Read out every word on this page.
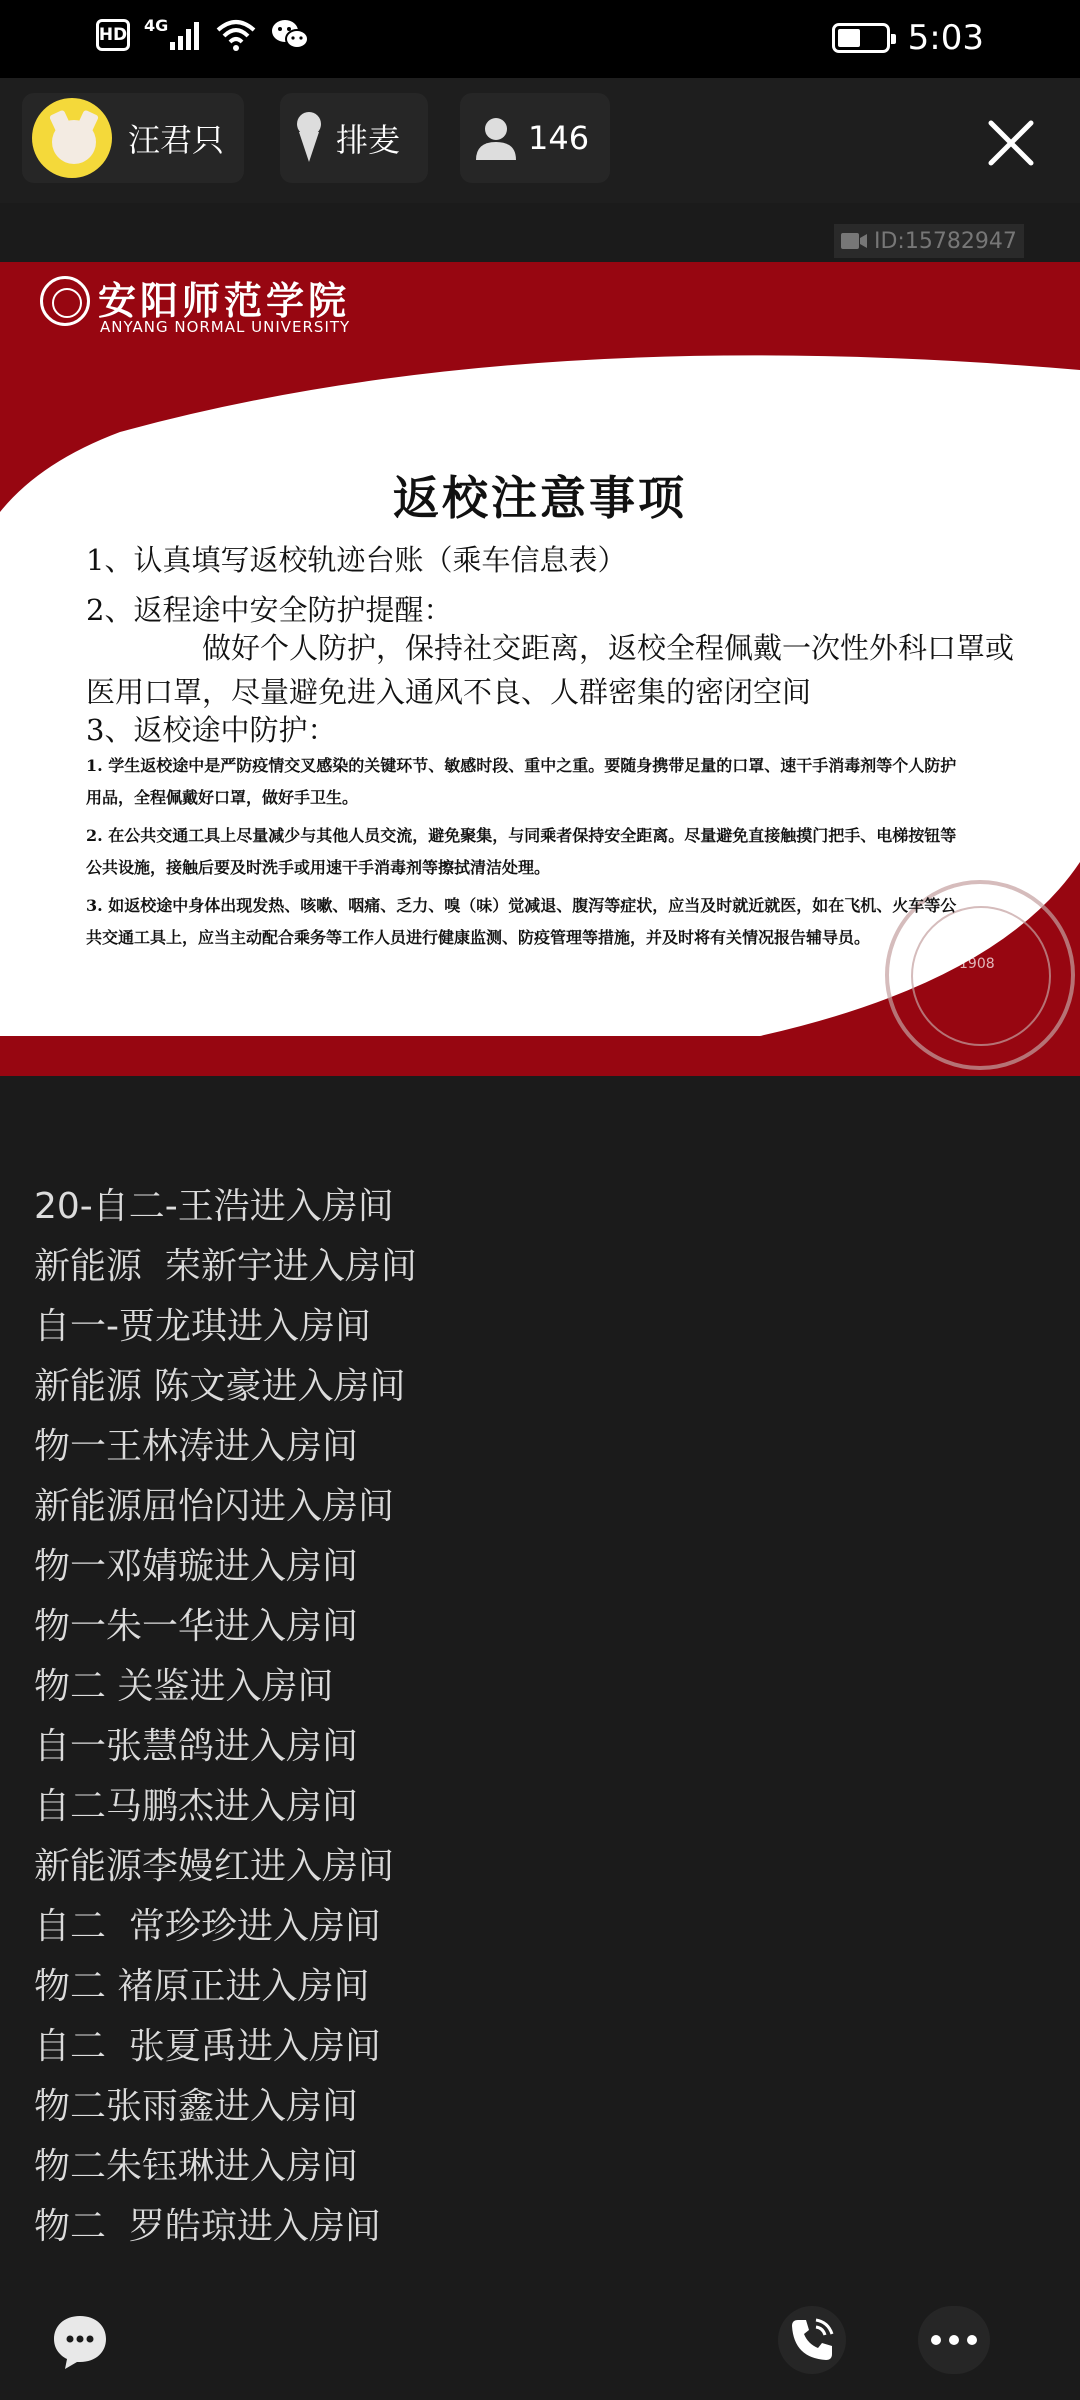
HD 4G	5:03
汪君只	排麦	146
ID:15782947
安阳师范学院
ANYANG NORMAL UNIVERSITY
1908
返校注意事项
1、认真填写返校轨迹台账（乘车信息表）
2、返程途中安全防护提醒：
做好个人防护，保持社交距离，返校全程佩戴一次性外科口罩或医用口罩，尽量避免进入通风不良、人群密集的密闭空间
3、返校途中防护：
1. 学生返校途中是严防疫情交叉感染的关键环节、敏感时段、重中之重。要随身携带足量的口罩、速干手消毒剂等个人防护用品，全程佩戴好口罩，做好手卫生。
2. 在公共交通工具上尽量减少与其他人员交流，避免聚集，与同乘者保持安全距离。尽量避免直接触摸门把手、电梯按钮等公共设施，接触后要及时洗手或用速干手消毒剂等擦拭清洁处理。
3. 如返校途中身体出现发热、咳嗽、咽痛、乏力、嗅（味）觉减退、腹泻等症状，应当及时就近就医，如在飞机、火车等公共交通工具上，应当主动配合乘务等工作人员进行健康监测、防疫管理等措施，并及时将有关情况报告辅导员。
20-自二-王浩进入房间
新能源  荣新宇进入房间
自一-贾龙琪进入房间
新能源 陈文豪进入房间
物一王林涛进入房间
新能源屈怡闪进入房间
物一邓婧璇进入房间
物一朱一华进入房间
物二 关鉴进入房间
自一张慧鸽进入房间
自二马鹏杰进入房间
新能源李嫚红进入房间
自二  常珍珍进入房间
物二 褚原正进入房间
自二  张夏禹进入房间
物二张雨鑫进入房间
物二朱钰琳进入房间
物二  罗皓琼进入房间
